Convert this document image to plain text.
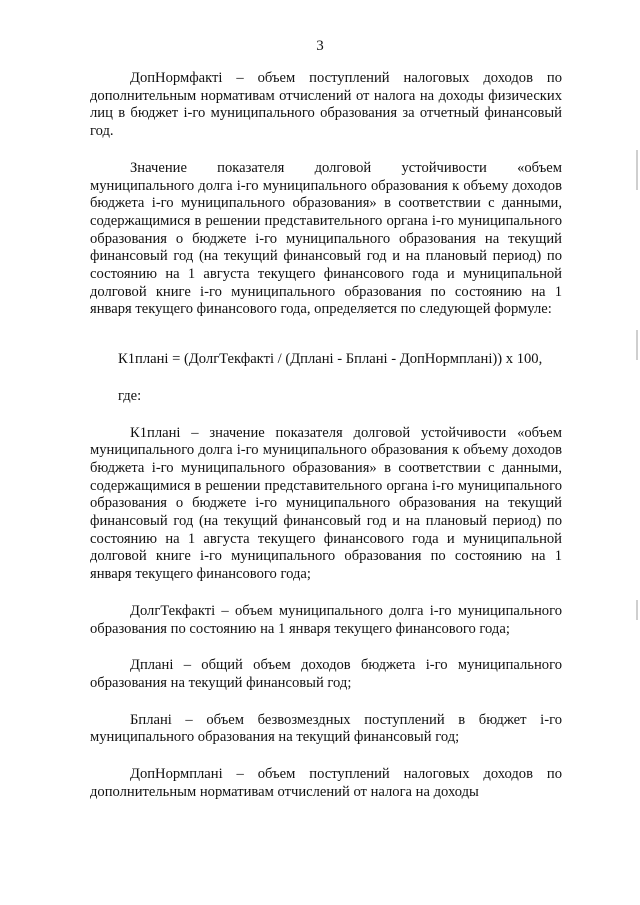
3

ДопНормфакті – объем поступлений налоговых доходов по дополнительным нормативам отчислений от налога на доходы физических лиц в бюджет і-го муниципального образования за отчетный финансовый год.

Значение показателя долговой устойчивости «объем муниципального долга і-го муниципального образования к объему доходов бюджета і-го муниципального образования» в соответствии с данными, содержащимися в решении представительного органа і-го муниципального образования о бюджете і-го муниципального образования на текущий финансовый год (на текущий финансовый год и на плановый период) по состоянию на 1 августа текущего финансового года и муниципальной долговой книге і-го муниципального образования по состоянию на 1 января текущего финансового года, определяется по следующей формуле:

К1плані = (ДолгТекфакті / (Дплані - Бплані - ДопНормплані)) x 100,

где:

К1плані – значение показателя долговой устойчивости «объем муниципального долга і-го муниципального образования к объему доходов бюджета і-го муниципального образования» в соответствии с данными, содержащимися в решении представительного органа і-го муниципального образования о бюджете і-го муниципального образования на текущий финансовый год (на текущий финансовый год и на плановый период) по состоянию на 1 августа текущего финансового года и муниципальной долговой книге і-го муниципального образования по состоянию на 1 января текущего финансового года;

ДолгТекфакті – объем муниципального долга і-го муниципального образования по состоянию на 1 января текущего финансового года;

Дплані – общий объем доходов бюджета і-го муниципального образования на текущий финансовый год;

Бплані – объем безвозмездных поступлений в бюджет і-го муниципального образования на текущий финансовый год;

ДопНормплані – объем поступлений налоговых доходов по дополнительным нормативам отчислений от налога на доходы
